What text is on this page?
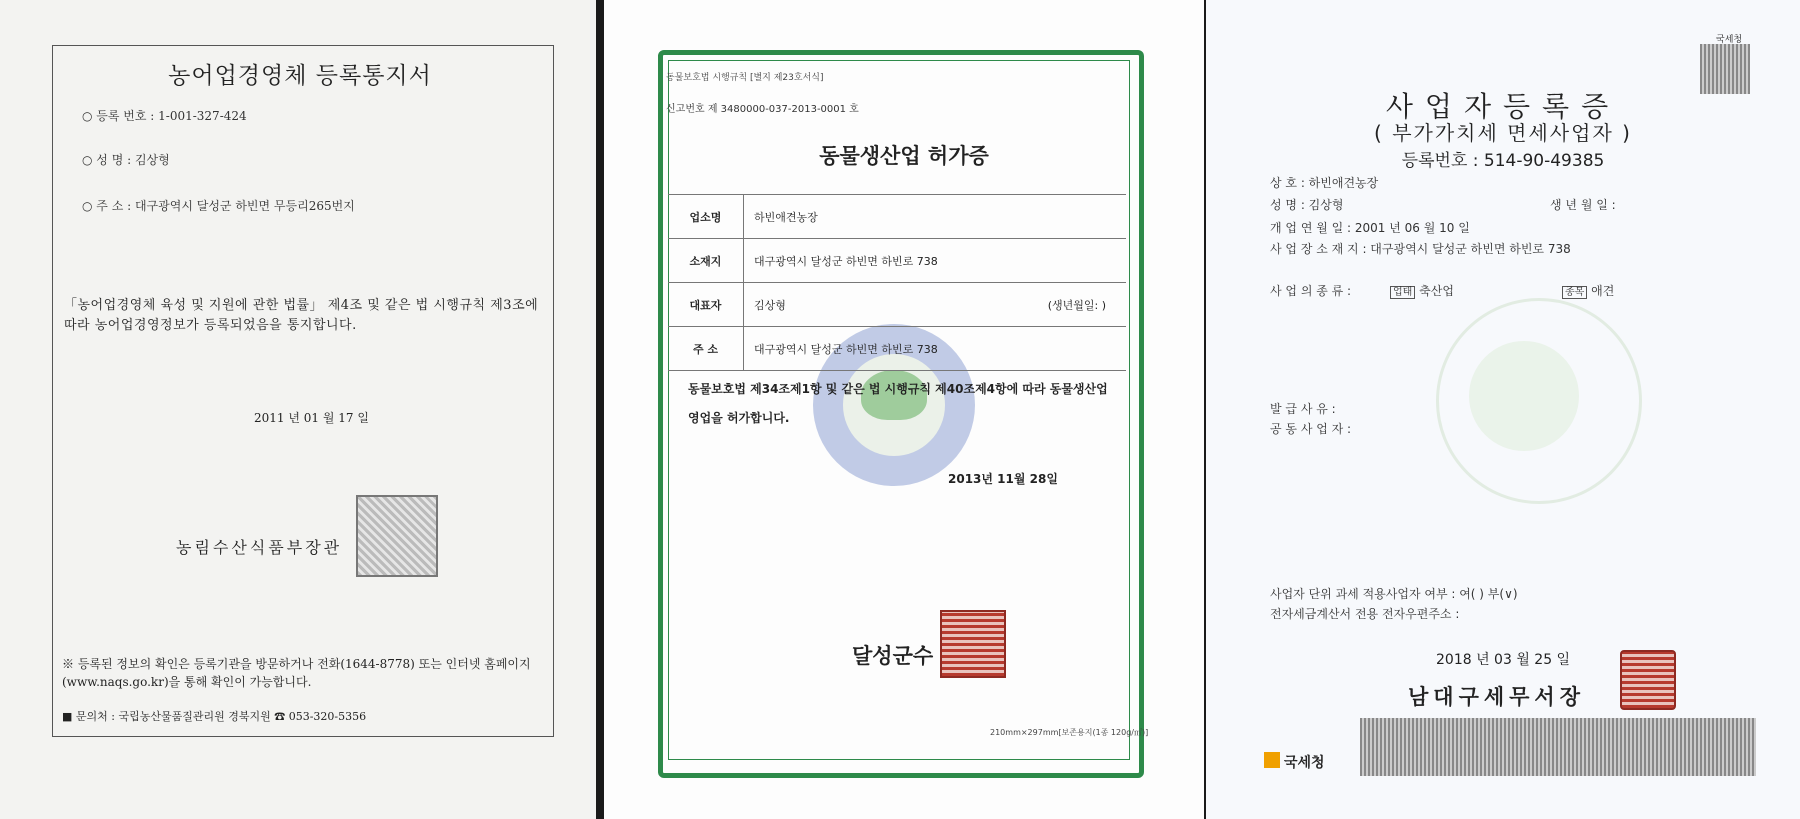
농어업경영체 등록통지서
○ 등록 번호 : 1-001-327-424
○ 성 명 : 김상형
○ 주 소 : 대구광역시 달성군 하빈면 무등리265번지
「농어업경영체 육성 및 지원에 관한 법률」 제4조 및 같은 법 시행규칙 제3조에 따라 농어업경영정보가 등록되었음을 통지합니다.
2011 년 01 월 17 일
농림수산식품부장관
※ 등록된 정보의 확인은 등록기관을 방문하거나 전화(1644-8778) 또는 인터넷 홈페이지(www.naqs.go.kr)을 통해 확인이 가능합니다.
■ 문의처 : 국립농산물품질관리원 경북지원 ☎ 053-320-5356
동물보호법 시행규칙 [별지 제23호서식]
신고번호 제 3480000-037-2013-0001 호
동물생산업 허가증
업소명	하빈애견농장
소재지	대구광역시 달성군 하빈면 하빈로 738
대표자	김상형 (생년월일: )

주 소	대구광역시 달성군 하빈면 하빈로 738
동물보호법 제34조제1항 및 같은 법 시행규칙 제40조제4항에 따라 동물생산업 영업을 허가합니다.
2013년 11월 28일
달성군수
210mm×297mm[보존용지(1종 120g/㎡)]
국세청
사업자등록증
( 부가가치세 면세사업자 )
등록번호 : 514-90-49385
상 호 : 하빈애견농장
성 명 : 김상형	생 년 월 일 :
개 업 연 월 일 : 2001 년 06 월 10 일
사 업 장 소 재 지 : 대구광역시 달성군 하빈면 하빈로 738
사 업 의 종 류 :	업태 축산업	종목 애견
발 급 사 유 :
공 동 사 업 자 :
사업자 단위 과세 적용사업자 여부 : 여( ) 부(∨)
전자세금계산서 전용 전자우편주소 :
2018 년 03 월 25 일
남대구세무서장
국세청
